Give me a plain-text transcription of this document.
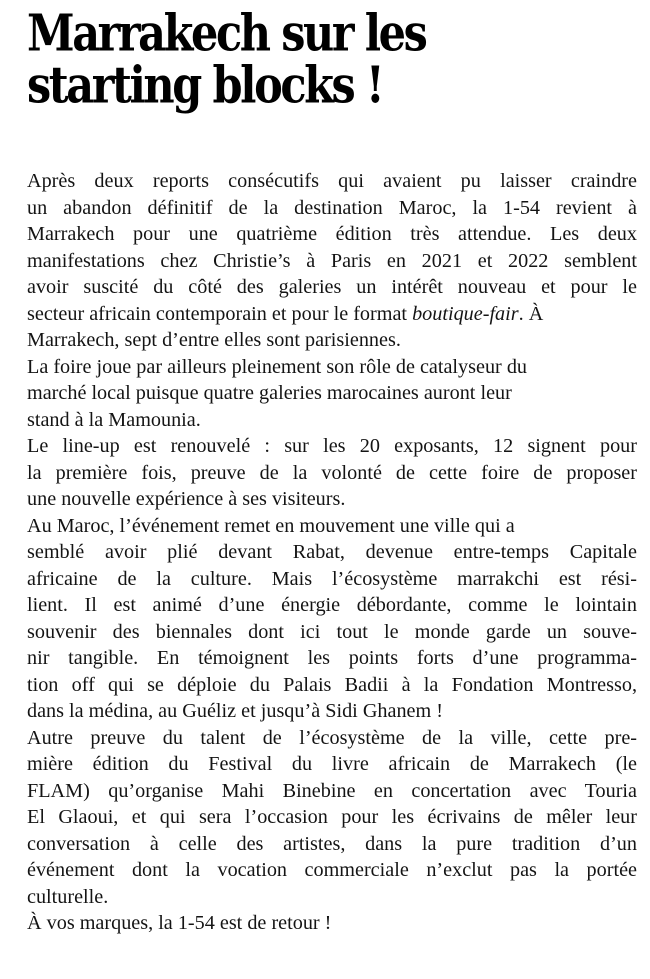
Marrakech sur les
starting blocks !
Après deux reports consécutifs qui avaient pu laisser craindre
un abandon définitif de la destination Maroc, la 1-54 revient à
Marrakech pour une quatrième édition très attendue. Les deux
manifestations chez Christie’s à Paris en 2021 et 2022 semblent
avoir suscité du côté des galeries un intérêt nouveau et pour le
secteur africain contemporain et pour le format boutique-fair. À
Marrakech, sept d’entre elles sont parisiennes.
La foire joue par ailleurs pleinement son rôle de catalyseur du
marché local puisque quatre galeries marocaines auront leur
stand à la Mamounia.
Le line-up est renouvelé : sur les 20 exposants, 12 signent pour
la première fois, preuve de la volonté de cette foire de proposer
une nouvelle expérience à ses visiteurs.
Au Maroc, l’événement remet en mouvement une ville qui a
semblé avoir plié devant Rabat, devenue entre-temps Capitale
africaine de la culture. Mais l’écosystème marrakchi est rési-
lient. Il est animé d’une énergie débordante, comme le lointain
souvenir des biennales dont ici tout le monde garde un souve-
nir tangible. En témoignent les points forts d’une programma-
tion off qui se déploie du Palais Badii à la Fondation Montresso,
dans la médina, au Guéliz et jusqu’à Sidi Ghanem !
Autre preuve du talent de l’écosystème de la ville, cette pre-
mière édition du Festival du livre africain de Marrakech (le
FLAM) qu’organise Mahi Binebine en concertation avec Touria
El Glaoui, et qui sera l’occasion pour les écrivains de mêler leur
conversation à celle des artistes, dans la pure tradition d’un
événement dont la vocation commerciale n’exclut pas la portée
culturelle.
À vos marques, la 1-54 est de retour !
